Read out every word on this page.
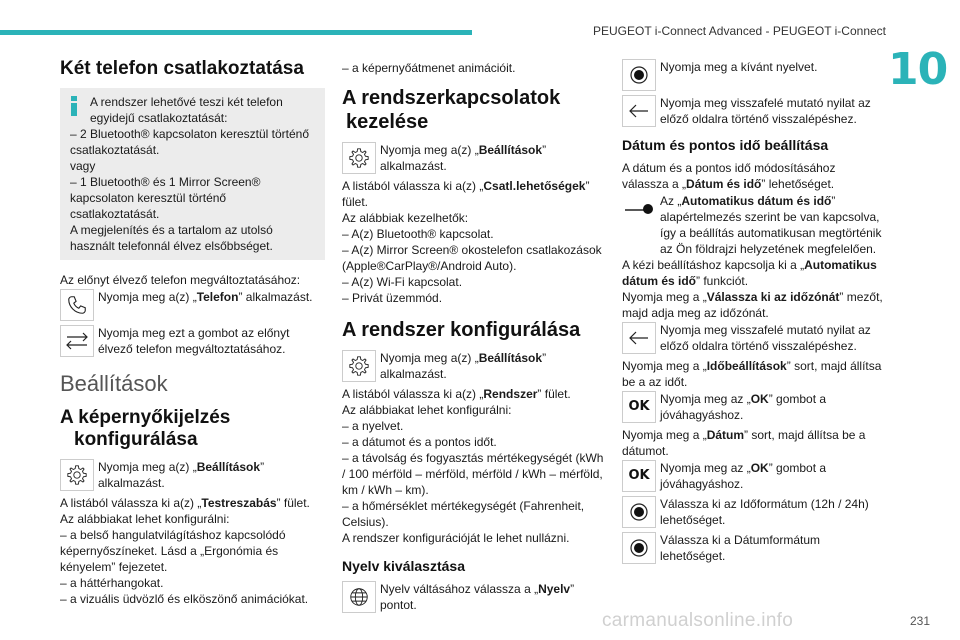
PEUGEOT i-Connect Advanced - PEUGEOT i-Connect
10
231
carmanualsonline.info
Két telefon csatlakoztatása

A rendszer lehetővé teszi két telefon egyidejű csatlakoztatását:

– 2 Bluetooth® kapcsolaton keresztül történő csatlakoztatását.

vagy

– 1 Bluetooth® és 1 Mirror Screen® kapcsolaton keresztül történő csatlakoztatását.

A megjelenítés és a tartalom az utolsó használt telefonnál élvez elsőbbséget.

Az előnyt élvező telefon megváltoztatásához:

Nyomja meg a(z) „Telefon” alkalmazást.
Nyomja meg ezt a gombot az előnyt élvező telefon megváltoztatásához.
Beállítások
A képernyőkijelzés
konfigurálása
Nyomja meg a(z) „Beállítások” alkalmazást.

A listából válassza ki a(z) „Testreszabás” fület.

Az alábbiakat lehet konfigurálni:

– a belső hangulatvilágításhoz kapcsolódó képernyőszíneket. Lásd a „Ergonómia és kényelem” fejezetet.

– a háttérhangokat.

– a vizuális üdvözlő és elköszönő animációkat.

– a képernyőátmenet animációit.

A rendszerkapcsolatok
kezelése
Nyomja meg a(z) „Beállítások” alkalmazást.

A listából válassza ki a(z) „Csatl.lehetőségek” fület.

Az alábbiak kezelhetők:

– A(z) Bluetooth® kapcsolat.

– A(z) Mirror Screen® okostelefon csatlakozások (Apple®CarPlay®/Android Auto).

– A(z) Wi-Fi kapcsolat.

– Privát üzemmód.

A rendszer konfigurálása
Nyomja meg a(z) „Beállítások” alkalmazást.

A listából válassza ki a(z) „Rendszer” fület.

Az alábbiakat lehet konfigurálni:

– a nyelvet.

– a dátumot és a pontos időt.

– a távolság és fogyasztás mértékegységét (kWh / 100 mérföld – mérföld, mérföld / kWh – mérföld, km / kWh – km).

– a hőmérséklet mértékegységét (Fahrenheit, Celsius).

A rendszer konfigurációját le lehet nullázni.

Nyelv kiválasztása
Nyelv váltásához válassza a „Nyelv” pontot.
Nyomja meg a kívánt nyelvet.
Nyomja meg visszafelé mutató nyilat az előző oldalra történő visszalépéshez.
Dátum és pontos idő beállítása

A dátum és a pontos idő módosításához

válassza a „Dátum és idő” lehetőséget.

Az „Automatikus dátum és idő” alapértelmezés szerint be van kapcsolva, így a beállítás automatikusan megtörténik az Ön földrajzi helyzetének megfelelően.

A kézi beállításhoz kapcsolja ki a „Automatikus dátum és idő” funkciót.

Nyomja meg a „Válassza ki az időzónát” mezőt, majd adja meg az időzónát.

Nyomja meg visszafelé mutató nyilat az előző oldalra történő visszalépéshez.

Nyomja meg a „Időbeállítások” sort, majd állítsa be a az időt.

OK Nyomja meg az „OK” gombot a jóváhagyáshoz.

Nyomja meg a „Dátum” sort, majd állítsa be a dátumot.

OK Nyomja meg az „OK” gombot a jóváhagyáshoz.
Válassza ki az Időformátum (12h / 24h) lehetőséget.
Válassza ki a Dátumformátum lehetőséget.
